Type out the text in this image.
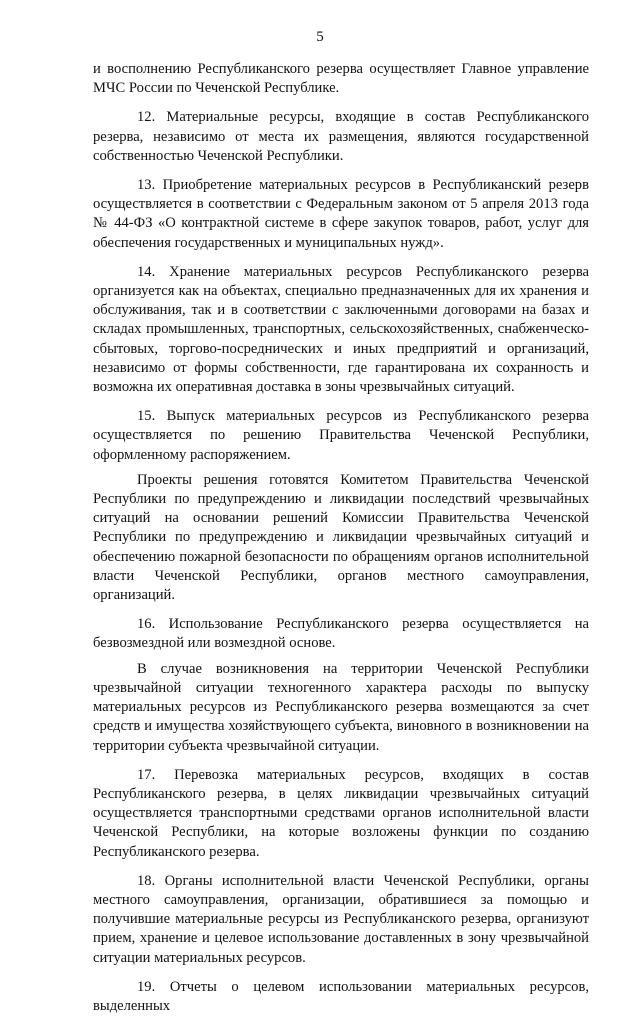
5

и восполнению Республиканского резерва осуществляет Главное управление МЧС России по Чеченской Республике.

12. Материальные ресурсы, входящие в состав Республиканского резерва, независимо от места их размещения, являются государственной собственностью Чеченской Республики.

13. Приобретение материальных ресурсов в Республиканский резерв осуществляется в соответствии с Федеральным законом от 5 апреля 2013 года № 44-ФЗ «О контрактной системе в сфере закупок товаров, работ, услуг для обеспечения государственных и муниципальных нужд».

14. Хранение материальных ресурсов Республиканского резерва организуется как на объектах, специально предназначенных для их хранения и обслуживания, так и в соответствии с заключенными договорами на базах и складах промышленных, транспортных, сельскохозяйственных, снабженческо-сбытовых, торгово-посреднических и иных предприятий и организаций, независимо от формы собственности, где гарантирована их сохранность и возможна их оперативная доставка в зоны чрезвычайных ситуаций.

15. Выпуск материальных ресурсов из Республиканского резерва осуществляется по решению Правительства Чеченской Республики, оформленному распоряжением.

Проекты решения готовятся Комитетом Правительства Чеченской Республики по предупреждению и ликвидации последствий чрезвычайных ситуаций на основании решений Комиссии Правительства Чеченской Республики по предупреждению и ликвидации чрезвычайных ситуаций и обеспечению пожарной безопасности по обращениям органов исполнительной власти Чеченской Республики, органов местного самоуправления, организаций.

16. Использование Республиканского резерва осуществляется на безвозмездной или возмездной основе.

В случае возникновения на территории Чеченской Республики чрезвычайной ситуации техногенного характера расходы по выпуску материальных ресурсов из Республиканского резерва возмещаются за счет средств и имущества хозяйствующего субъекта, виновного в возникновении на территории субъекта чрезвычайной ситуации.

17. Перевозка материальных ресурсов, входящих в состав Республиканского резерва, в целях ликвидации чрезвычайных ситуаций осуществляется транспортными средствами органов исполнительной власти Чеченской Республики, на которые возложены функции по созданию Республиканского резерва.

18. Органы исполнительной власти Чеченской Республики, органы местного самоуправления, организации, обратившиеся за помощью и получившие материальные ресурсы из Республиканского резерва, организуют прием, хранение и целевое использование доставленных в зону чрезвычайной ситуации материальных ресурсов.

19. Отчеты о целевом использовании материальных ресурсов, выделенных
